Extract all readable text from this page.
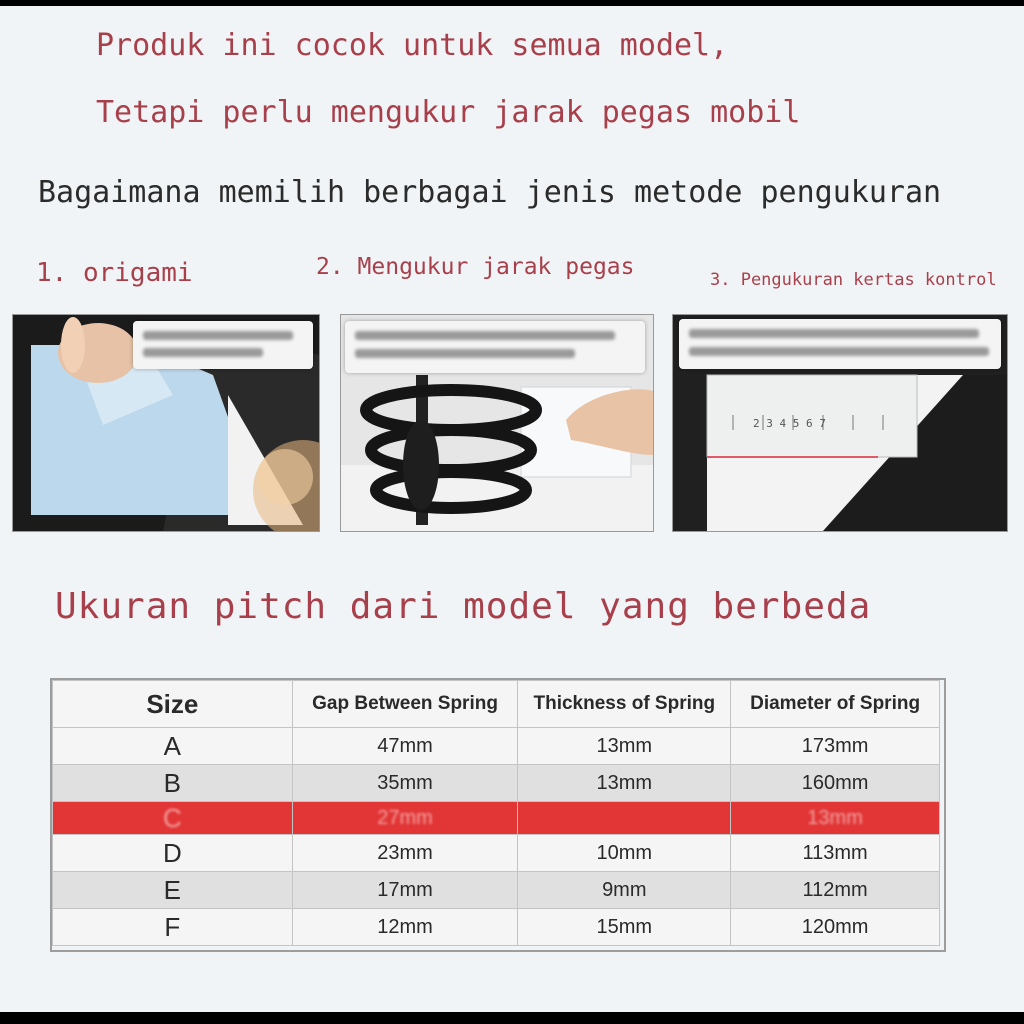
Produk ini cocok untuk semua model,
Tetapi perlu mengukur jarak pegas mobil
Bagaimana memilih berbagai jenis metode pengukuran
1. origami	2. Mengukur jarak pegas	3. Pengukuran kertas kontrol
2 3 4 5 6 7
Ukuran pitch dari model yang berbeda
Size	Gap Between Spring	Thickness of Spring	Diameter of Spring
A	47mm	13mm	173mm
B	35mm	13mm	160mm
C	27mm		13mm
D	23mm	10mm	113mm
E	17mm	9mm	112mm
F	12mm	15mm	120mm
